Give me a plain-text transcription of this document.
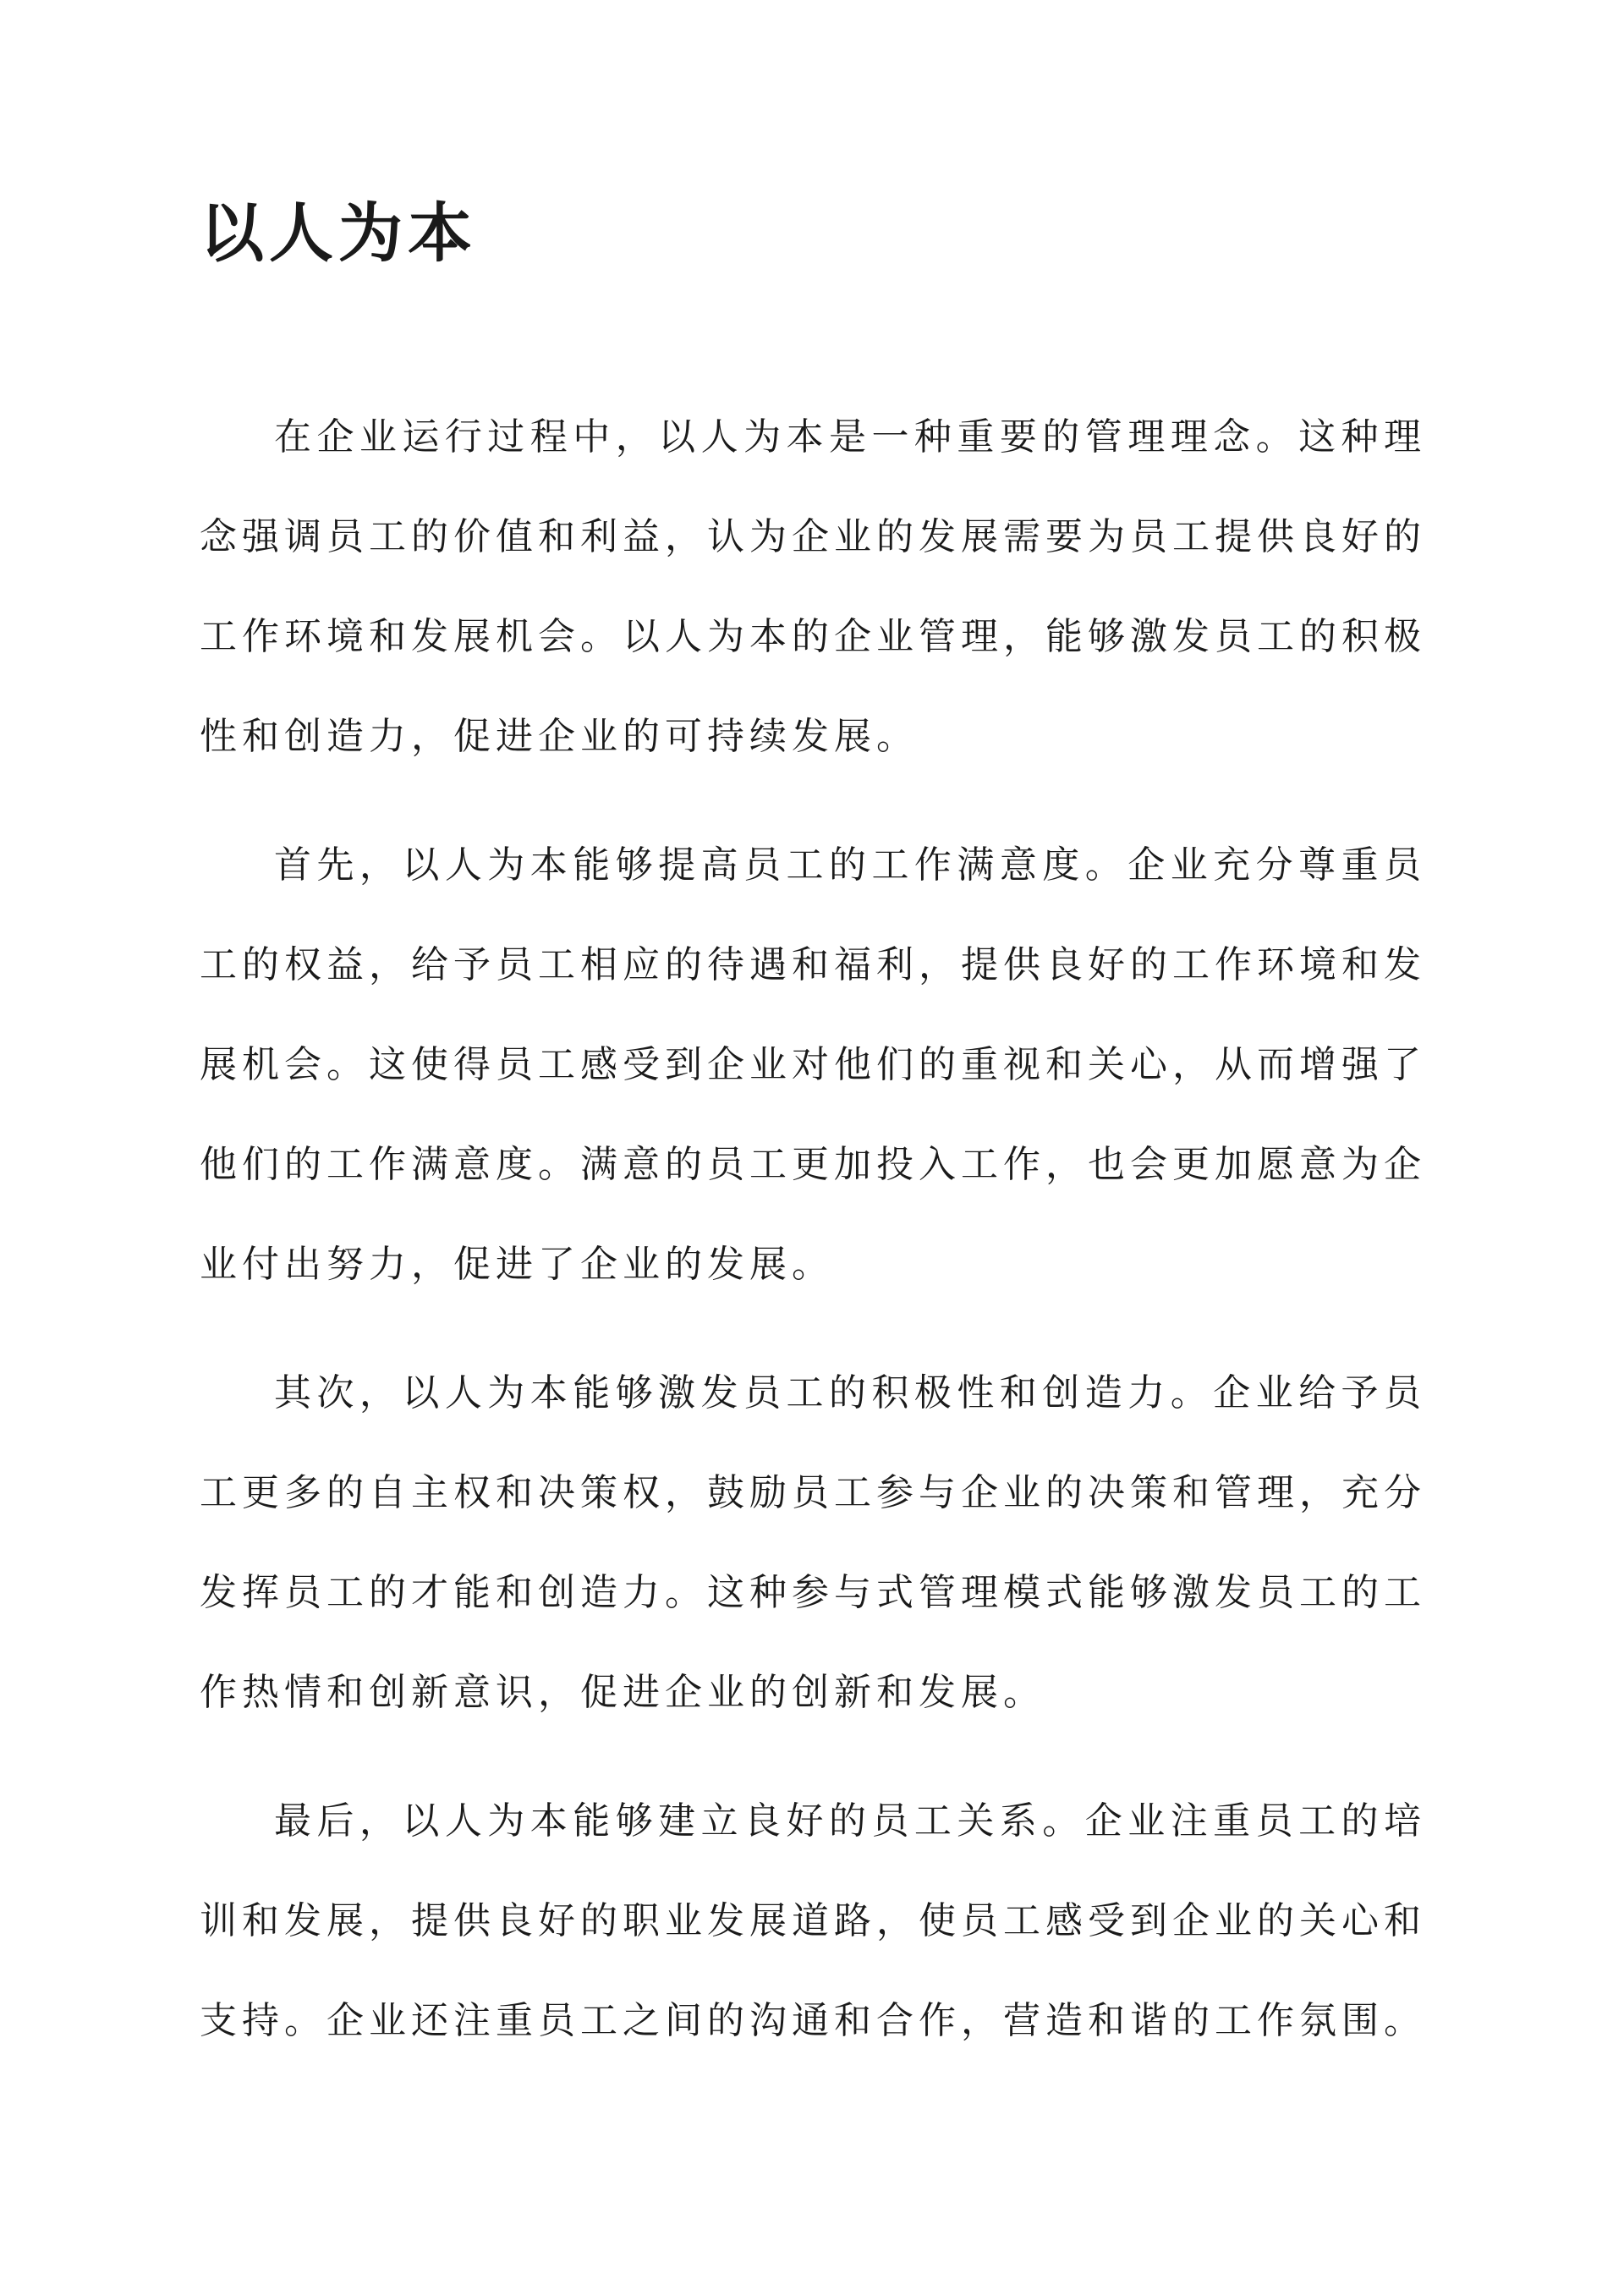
以人为本

在企业运行过程中，以人为本是一种重要的管理理念。这种理念强调员工的价值和利益，认为企业的发展需要为员工提供良好的工作环境和发展机会。以人为本的企业管理，能够激发员工的积极性和创造力，促进企业的可持续发展。

首先，以人为本能够提高员工的工作满意度。企业充分尊重员工的权益，给予员工相应的待遇和福利，提供良好的工作环境和发展机会。这使得员工感受到企业对他们的重视和关心，从而增强了他们的工作满意度。满意的员工更加投入工作，也会更加愿意为企业付出努力，促进了企业的发展。

其次，以人为本能够激发员工的积极性和创造力。企业给予员工更多的自主权和决策权，鼓励员工参与企业的决策和管理，充分发挥员工的才能和创造力。这种参与式管理模式能够激发员工的工作热情和创新意识，促进企业的创新和发展。

最后，以人为本能够建立良好的员工关系。企业注重员工的培训和发展，提供良好的职业发展道路，使员工感受到企业的关心和支持。企业还注重员工之间的沟通和合作，营造和谐的工作氛围。
